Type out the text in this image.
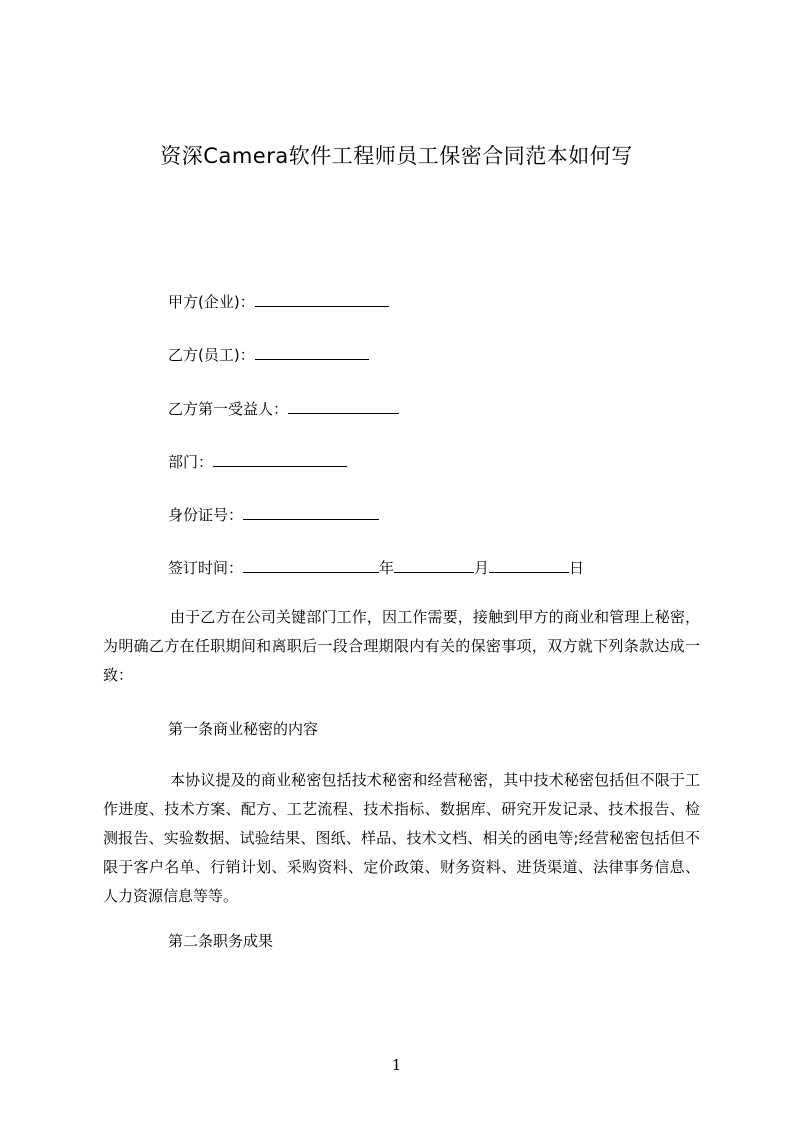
资深Camera软件工程师员工保密合同范本如何写
甲方(企业)：
乙方(员工)：
乙方第一受益人：
部门：
身份证号：
签订时间：	年	月	日
由于乙方在公司关键部门工作，因工作需要，接触到甲方的商业和管理上秘密，为明确乙方在任职期间和离职后一段合理期限内有关的保密事项，双方就下列条款达成一致：
第一条商业秘密的内容
本协议提及的商业秘密包括技术秘密和经营秘密，其中技术秘密包括但不限于工作进度、技术方案、配方、工艺流程、技术指标、数据库、研究开发记录、技术报告、检测报告、实验数据、试验结果、图纸、样品、技术文档、相关的函电等;经营秘密包括但不限于客户名单、行销计划、采购资料、定价政策、财务资料、进货渠道、法律事务信息、人力资源信息等等。
第二条职务成果
1
